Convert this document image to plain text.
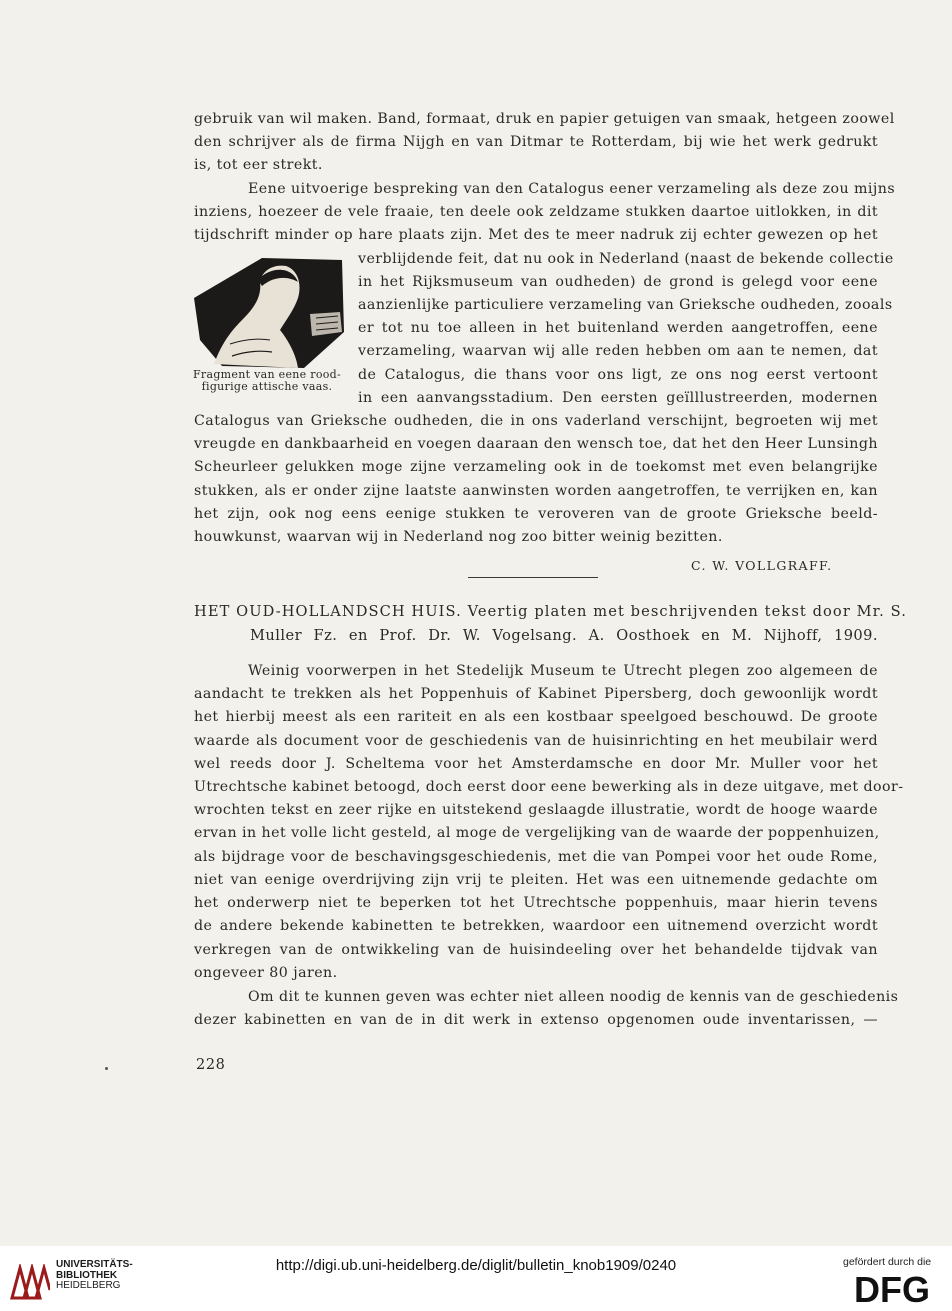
gebruik van wil maken. Band, formaat, druk en papier getuigen van smaak, hetgeen zoowel
den schrijver als de firma Nijgh en van Ditmar te Rotterdam, bij wie het werk gedrukt
is, tot eer strekt.
Eene uitvoerige bespreking van den Catalogus eener verzameling als deze zou mijns
inziens, hoezeer de vele fraaie, ten deele ook zeldzame stukken daartoe uitlokken, in dit
tijdschrift minder op hare plaats zijn. Met des te meer nadruk zij echter gewezen op het
Fragment van eene rood-
figurige attische vaas.
verblijdende feit, dat nu ook in Nederland (naast de bekende collectie
in het Rijksmuseum van oudheden) de grond is gelegd voor eene
aanzienlijke particuliere verzameling van Grieksche oudheden, zooals
er tot nu toe alleen in het buitenland werden aangetroffen, eene
verzameling, waarvan wij alle reden hebben om aan te nemen, dat
de Catalogus, die thans voor ons ligt, ze ons nog eerst vertoont
in een aanvangsstadium. Den eersten geïlllustreerden, modernen
Catalogus van Grieksche oudheden, die in ons vaderland verschijnt, begroeten wij met
vreugde en dankbaarheid en voegen daaraan den wensch toe, dat het den Heer Lunsingh
Scheurleer gelukken moge zijne verzameling ook in de toekomst met even belangrijke
stukken, als er onder zijne laatste aanwinsten worden aangetroffen, te verrijken en, kan
het zijn, ook nog eens eenige stukken te veroveren van de groote Grieksche beeld-
houwkunst, waarvan wij in Nederland nog zoo bitter weinig bezitten.
C. W. VOLLGRAFF.
HET OUD-HOLLANDSCH HUIS. Veertig platen met beschrijvenden tekst door Mr. S.
Muller Fz. en Prof. Dr. W. Vogelsang. A. Oosthoek en M. Nijhoff, 1909.
Weinig voorwerpen in het Stedelijk Museum te Utrecht plegen zoo algemeen de
aandacht te trekken als het Poppenhuis of Kabinet Pipersberg, doch gewoonlijk wordt
het hierbij meest als een rariteit en als een kostbaar speelgoed beschouwd. De groote
waarde als document voor de geschiedenis van de huisinrichting en het meubilair werd
wel reeds door J. Scheltema voor het Amsterdamsche en door Mr. Muller voor het
Utrechtsche kabinet betoogd, doch eerst door eene bewerking als in deze uitgave, met door-
wrochten tekst en zeer rijke en uitstekend geslaagde illustratie, wordt de hooge waarde
ervan in het volle licht gesteld, al moge de vergelijking van de waarde der poppenhuizen,
als bijdrage voor de beschavingsgeschiedenis, met die van Pompei voor het oude Rome,
niet van eenige overdrijving zijn vrij te pleiten. Het was een uitnemende gedachte om
het onderwerp niet te beperken tot het Utrechtsche poppenhuis, maar hierin tevens
de andere bekende kabinetten te betrekken, waardoor een uitnemend overzicht wordt
verkregen van de ontwikkeling van de huisindeeling over het behandelde tijdvak van
ongeveer 80 jaren.
Om dit te kunnen geven was echter niet alleen noodig de kennis van de geschiedenis
dezer kabinetten en van de in dit werk in extenso opgenomen oude inventarissen, —
228
UNIVERSITÄTS-
BIBLIOTHEK
HEIDELBERG
http://digi.ub.uni-heidelberg.de/diglit/bulletin_knob1909/0240	gefördert durch die
DFG
